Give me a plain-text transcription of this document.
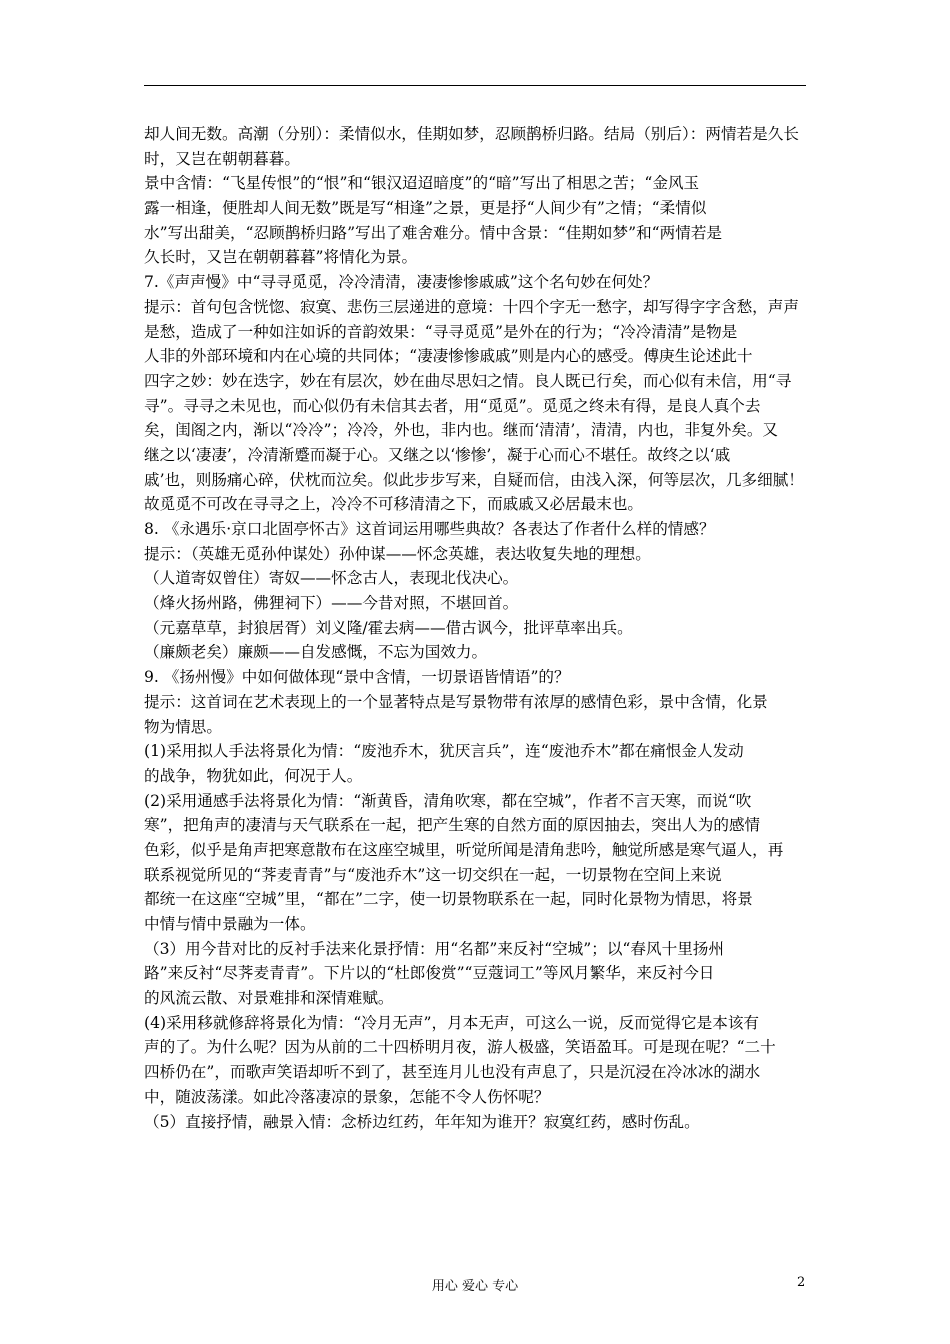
却人间无数。高潮（分别）：柔情似水，佳期如梦，忍顾鹊桥归路。结局（别后）：两情若是久长
时，又岂在朝朝暮暮。
景中含情：“飞星传恨”的“恨”和“银汉迢迢暗度”的“暗”写出了相思之苦；“金风玉
露一相逢，便胜却人间无数”既是写“相逢”之景，更是抒“人间少有”之情；“柔情似
水”写出甜美，“忍顾鹊桥归路”写出了难舍难分。情中含景：“佳期如梦”和“两情若是
久长时，又岂在朝朝暮暮”将情化为景。
7.《声声慢》中“寻寻觅觅，冷冷清清，凄凄惨惨戚戚”这个名句妙在何处？
提示：首句包含恍惚、寂寞、悲伤三层递进的意境：十四个字无一愁字，却写得字字含愁，声声
是愁，造成了一种如注如诉的音韵效果：“寻寻觅觅”是外在的行为；“冷冷清清”是物是
人非的外部环境和内在心境的共同体；“凄凄惨惨戚戚”则是内心的感受。傅庚生论述此十
四字之妙：妙在迭字，妙在有层次，妙在曲尽思妇之情。良人既已行矣，而心似有未信，用“寻
寻”。寻寻之未见也，而心似仍有未信其去者，用“觅觅”。觅觅之终未有得，是良人真个去
矣，闺阁之内，渐以“冷冷”；冷冷，外也，非内也。继而‘清清’，清清，内也，非复外矣。又
继之以‘凄凄’，冷清渐蹙而凝于心。又继之以‘惨惨’，凝于心而心不堪任。故终之以‘戚
戚’也，则肠痛心碎，伏枕而泣矣。似此步步写来，自疑而信，由浅入深，何等层次，几多细腻！
故觅觅不可改在寻寻之上，冷冷不可移清清之下，而戚戚又必居最末也。
8. 《永遇乐·京口北固亭怀古》这首词运用哪些典故？各表达了作者什么样的情感？
提示：（英雄无觅孙仲谋处）孙仲谋——怀念英雄，表达收复失地的理想。
（人道寄奴曾住）寄奴——怀念古人，表现北伐决心。
（烽火扬州路，佛狸祠下）——今昔对照，不堪回首。
（元嘉草草，封狼居胥）刘义隆/霍去病——借古讽今，批评草率出兵。
（廉颇老矣）廉颇——自发感慨，不忘为国效力。
9. 《扬州慢》中如何做体现“景中含情，一切景语皆情语”的？
提示：这首词在艺术表现上的一个显著特点是写景物带有浓厚的感情色彩，景中含情，化景
物为情思。
(1)采用拟人手法将景化为情：“废池乔木，犹厌言兵”，连“废池乔木”都在痛恨金人发动
的战争，物犹如此，何况于人。
(2)采用通感手法将景化为情：“渐黄昏，清角吹寒，都在空城”，作者不言天寒，而说“吹
寒”，把角声的凄清与天气联系在一起，把产生寒的自然方面的原因抽去，突出人为的感情
色彩，似乎是角声把寒意散布在这座空城里，听觉所闻是清角悲吟，触觉所感是寒气逼人，再
联系视觉所见的“荠麦青青”与“废池乔木”这一切交织在一起，一切景物在空间上来说
都统一在这座“空城”里，“都在”二字，使一切景物联系在一起，同时化景物为情思，将景
中情与情中景融为一体。
（3）用今昔对比的反衬手法来化景抒情：用“名都”来反衬“空城”；以“春风十里扬州
路”来反衬“尽荠麦青青”。下片以的“杜郎俊赏”“豆蔻词工”等风月繁华，来反衬今日
的风流云散、对景难排和深情难赋。
(4)采用移就修辞将景化为情：“冷月无声”，月本无声，可这么一说，反而觉得它是本该有
声的了。为什么呢？因为从前的二十四桥明月夜，游人极盛，笑语盈耳。可是现在呢？“二十
四桥仍在”，而歌声笑语却听不到了，甚至连月儿也没有声息了，只是沉浸在冷冰冰的湖水
中，随波荡漾。如此冷落凄凉的景象，怎能不令人伤怀呢？
（5）直接抒情，融景入情：念桥边红药，年年知为谁开？寂寞红药，感时伤乱。
用心 爱心 专心	2
